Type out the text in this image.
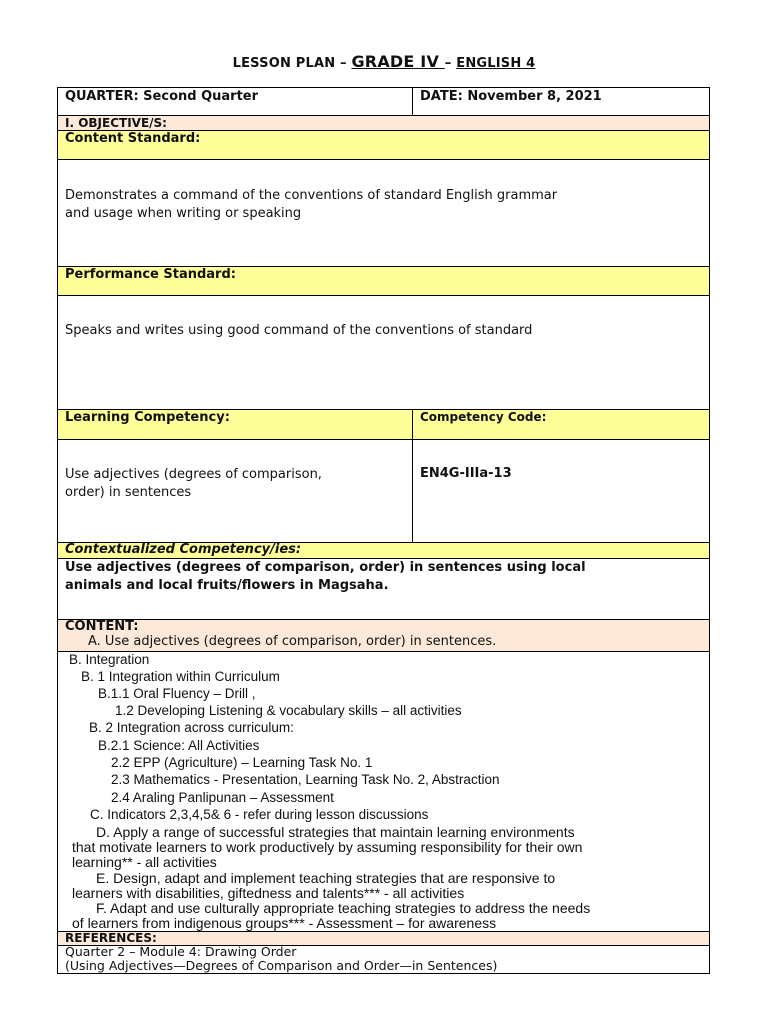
LESSON PLAN – GRADE IV – ENGLISH 4
QUARTER: Second Quarter	DATE: November 8, 2021
I. OBJECTIVE/S:
Content Standard:
Demonstrates a command of the conventions of standard English grammar
and usage when writing or speaking
Performance Standard:
Speaks and writes using good command of the conventions of standard
Learning Competency:	Competency Code:
Use adjectives (degrees of comparison,
order) in sentences
EN4G-IIIa-13
Contextualized Competency/ies:
Use adjectives (degrees of comparison, order) in sentences using local
animals and local fruits/flowers in Magsaha.
CONTENT:
A. Use adjectives (degrees of comparison, order) in sentences.
B. Integration
B. 1 Integration within Curriculum
B.1.1 Oral Fluency – Drill ,
1.2 Developing Listening & vocabulary skills – all activities
B. 2 Integration across curriculum:
B.2.1 Science: All Activities
2.2 EPP (Agriculture) – Learning Task No. 1
2.3 Mathematics - Presentation, Learning Task No. 2, Abstraction
2.4 Araling Panlipunan – Assessment
C. Indicators 2,3,4,5& 6 - refer during lesson discussions
D. Apply a range of successful strategies that maintain learning environments
that motivate learners to work productively by assuming responsibility for their own
learning** - all activities
E. Design, adapt and implement teaching strategies that are responsive to
learners with disabilities, giftedness and talents*** - all activities
F. Adapt and use culturally appropriate teaching strategies to address the needs
of learners from indigenous groups*** - Assessment – for awareness
REFERENCES:
Quarter 2 – Module 4: Drawing Order
(Using Adjectives—Degrees of Comparison and Order—in Sentences)
